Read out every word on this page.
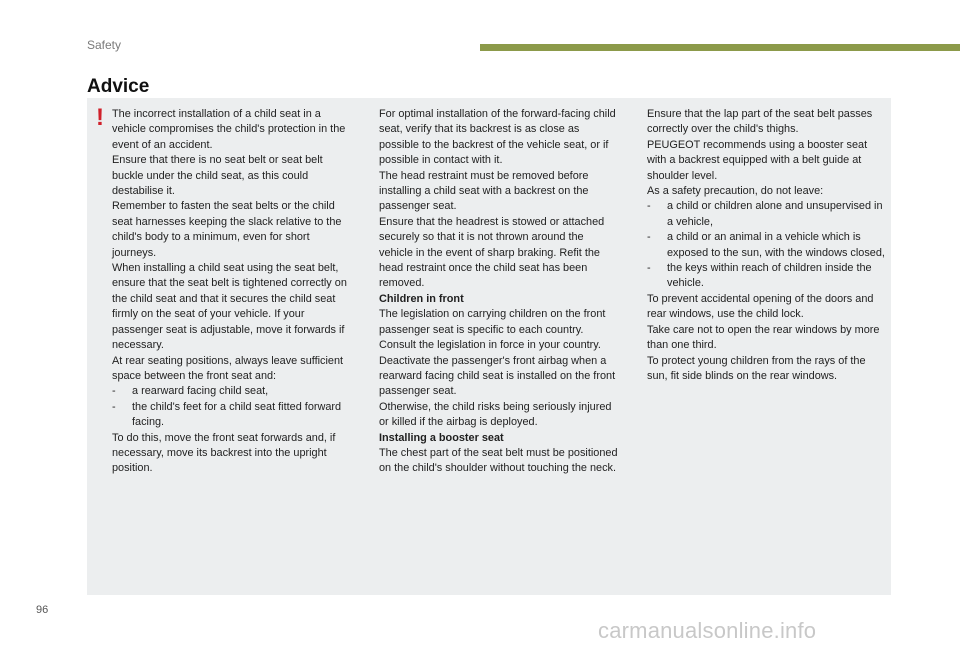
Safety
Advice
! The incorrect installation of a child seat in a vehicle compromises the child's protection in the event of an accident.

Ensure that there is no seat belt or seat belt buckle under the child seat, as this could destabilise it.

Remember to fasten the seat belts or the child seat harnesses keeping the slack relative to the child's body to a minimum, even for short journeys.

When installing a child seat using the seat belt, ensure that the seat belt is tightened correctly on the child seat and that it secures the child seat firmly on the seat of your vehicle. If your passenger seat is adjustable, move it forwards if necessary.

At rear seating positions, always leave sufficient space between the front seat and:

-	a rearward facing child seat,
-	the child's feet for a child seat fitted forward facing.

To do this, move the front seat forwards and, if necessary, move its backrest into the upright position.

For optimal installation of the forward-facing child seat, verify that its backrest is as close as possible to the backrest of the vehicle seat, or if possible in contact with it.

The head restraint must be removed before installing a child seat with a backrest on the passenger seat.

Ensure that the headrest is stowed or attached securely so that it is not thrown around the vehicle in the event of sharp braking. Refit the head restraint once the child seat has been removed.

Children in front

The legislation on carrying children on the front passenger seat is specific to each country. Consult the legislation in force in your country.

Deactivate the passenger's front airbag when a rearward facing child seat is installed on the front passenger seat.

Otherwise, the child risks being seriously injured or killed if the airbag is deployed.

Installing a booster seat

The chest part of the seat belt must be positioned on the child's shoulder without touching the neck.

Ensure that the lap part of the seat belt passes correctly over the child's thighs.

PEUGEOT recommends using a booster seat with a backrest equipped with a belt guide at shoulder level.

As a safety precaution, do not leave:

-	a child or children alone and unsupervised in a vehicle,
-	a child or an animal in a vehicle which is exposed to the sun, with the windows closed,
-	the keys within reach of children inside the vehicle.

To prevent accidental opening of the doors and rear windows, use the child lock.

Take care not to open the rear windows by more than one third.

To protect young children from the rays of the sun, fit side blinds on the rear windows.

96
carmanualsonline.info
